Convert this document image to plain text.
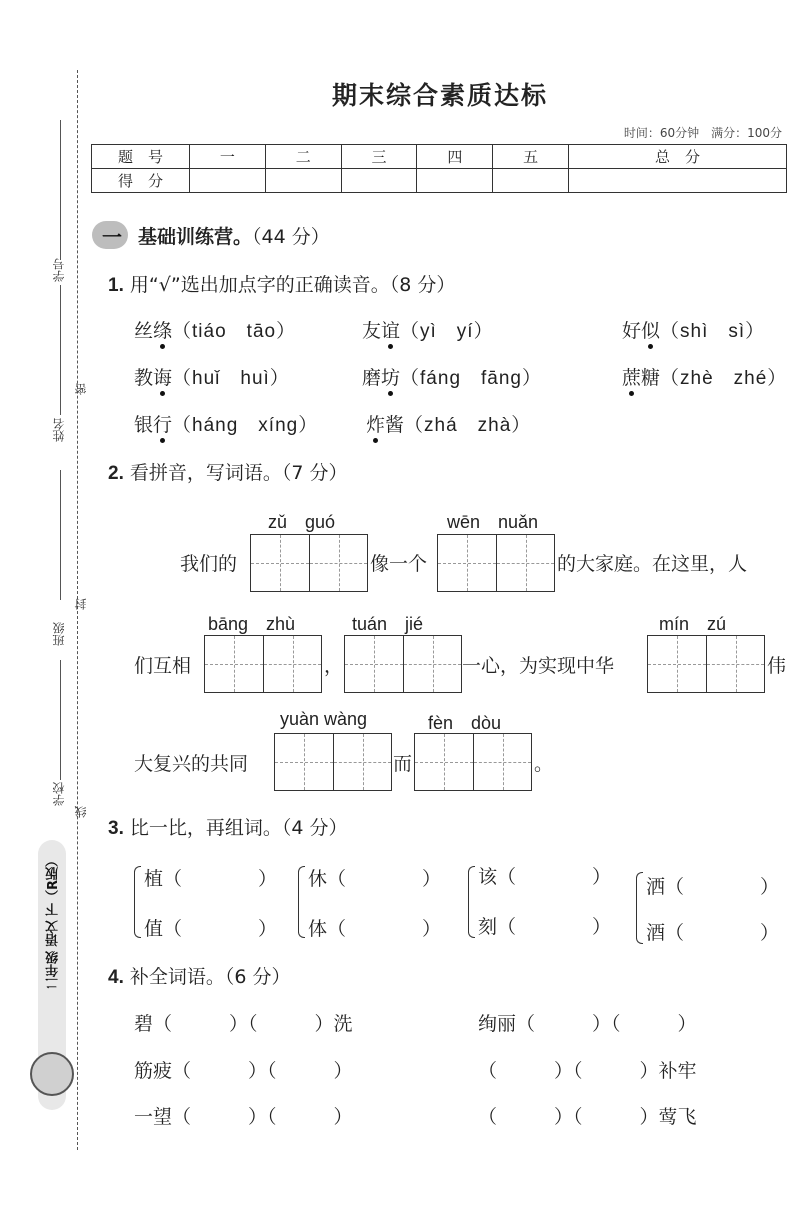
学号
姓名
班级
学校
密
封
线
二年级 语文 下（R版）
期末综合素质达标
时间：60分钟　满分：100分
题　号	一	二	三	四	五	总　分
得　分						
一 基础训练营。（44 分）
1. 用“√”选出加点字的正确读音。（8 分）
丝绦（tiáo　tāo）	友谊（yì　yí）	好似（shì　sì）
教诲（huǐ　huì）	磨坊（fáng　fāng）	蔗糖（zhè　zhé）
银行（háng　xíng）	炸酱（zhá　zhà）
2. 看拼音，写词语。（7 分）
zǔ　guó	wēn　nuǎn
我们的	像一个	的大家庭。在这里，人
bāng　zhù	tuán　jié	mín　zú
们互相	，	一心，为实现中华	伟
yuàn wàng	fèn　dòu
大复兴的共同	而	。
3. 比一比，再组词。（4 分）
植（　　　　）
值（　　　　）
休（　　　　）
体（　　　　）
该（　　　　）
刻（　　　　）
洒（　　　　）
酒（　　　　）
4. 补全词语。（6 分）
碧（　　　）（　　　）洗	绚丽（　　　）（　　　）
筋疲（　　　）（　　　）	（　　　）（　　　）补牢
一望（　　　）（　　　）	（　　　）（　　　）莺飞
